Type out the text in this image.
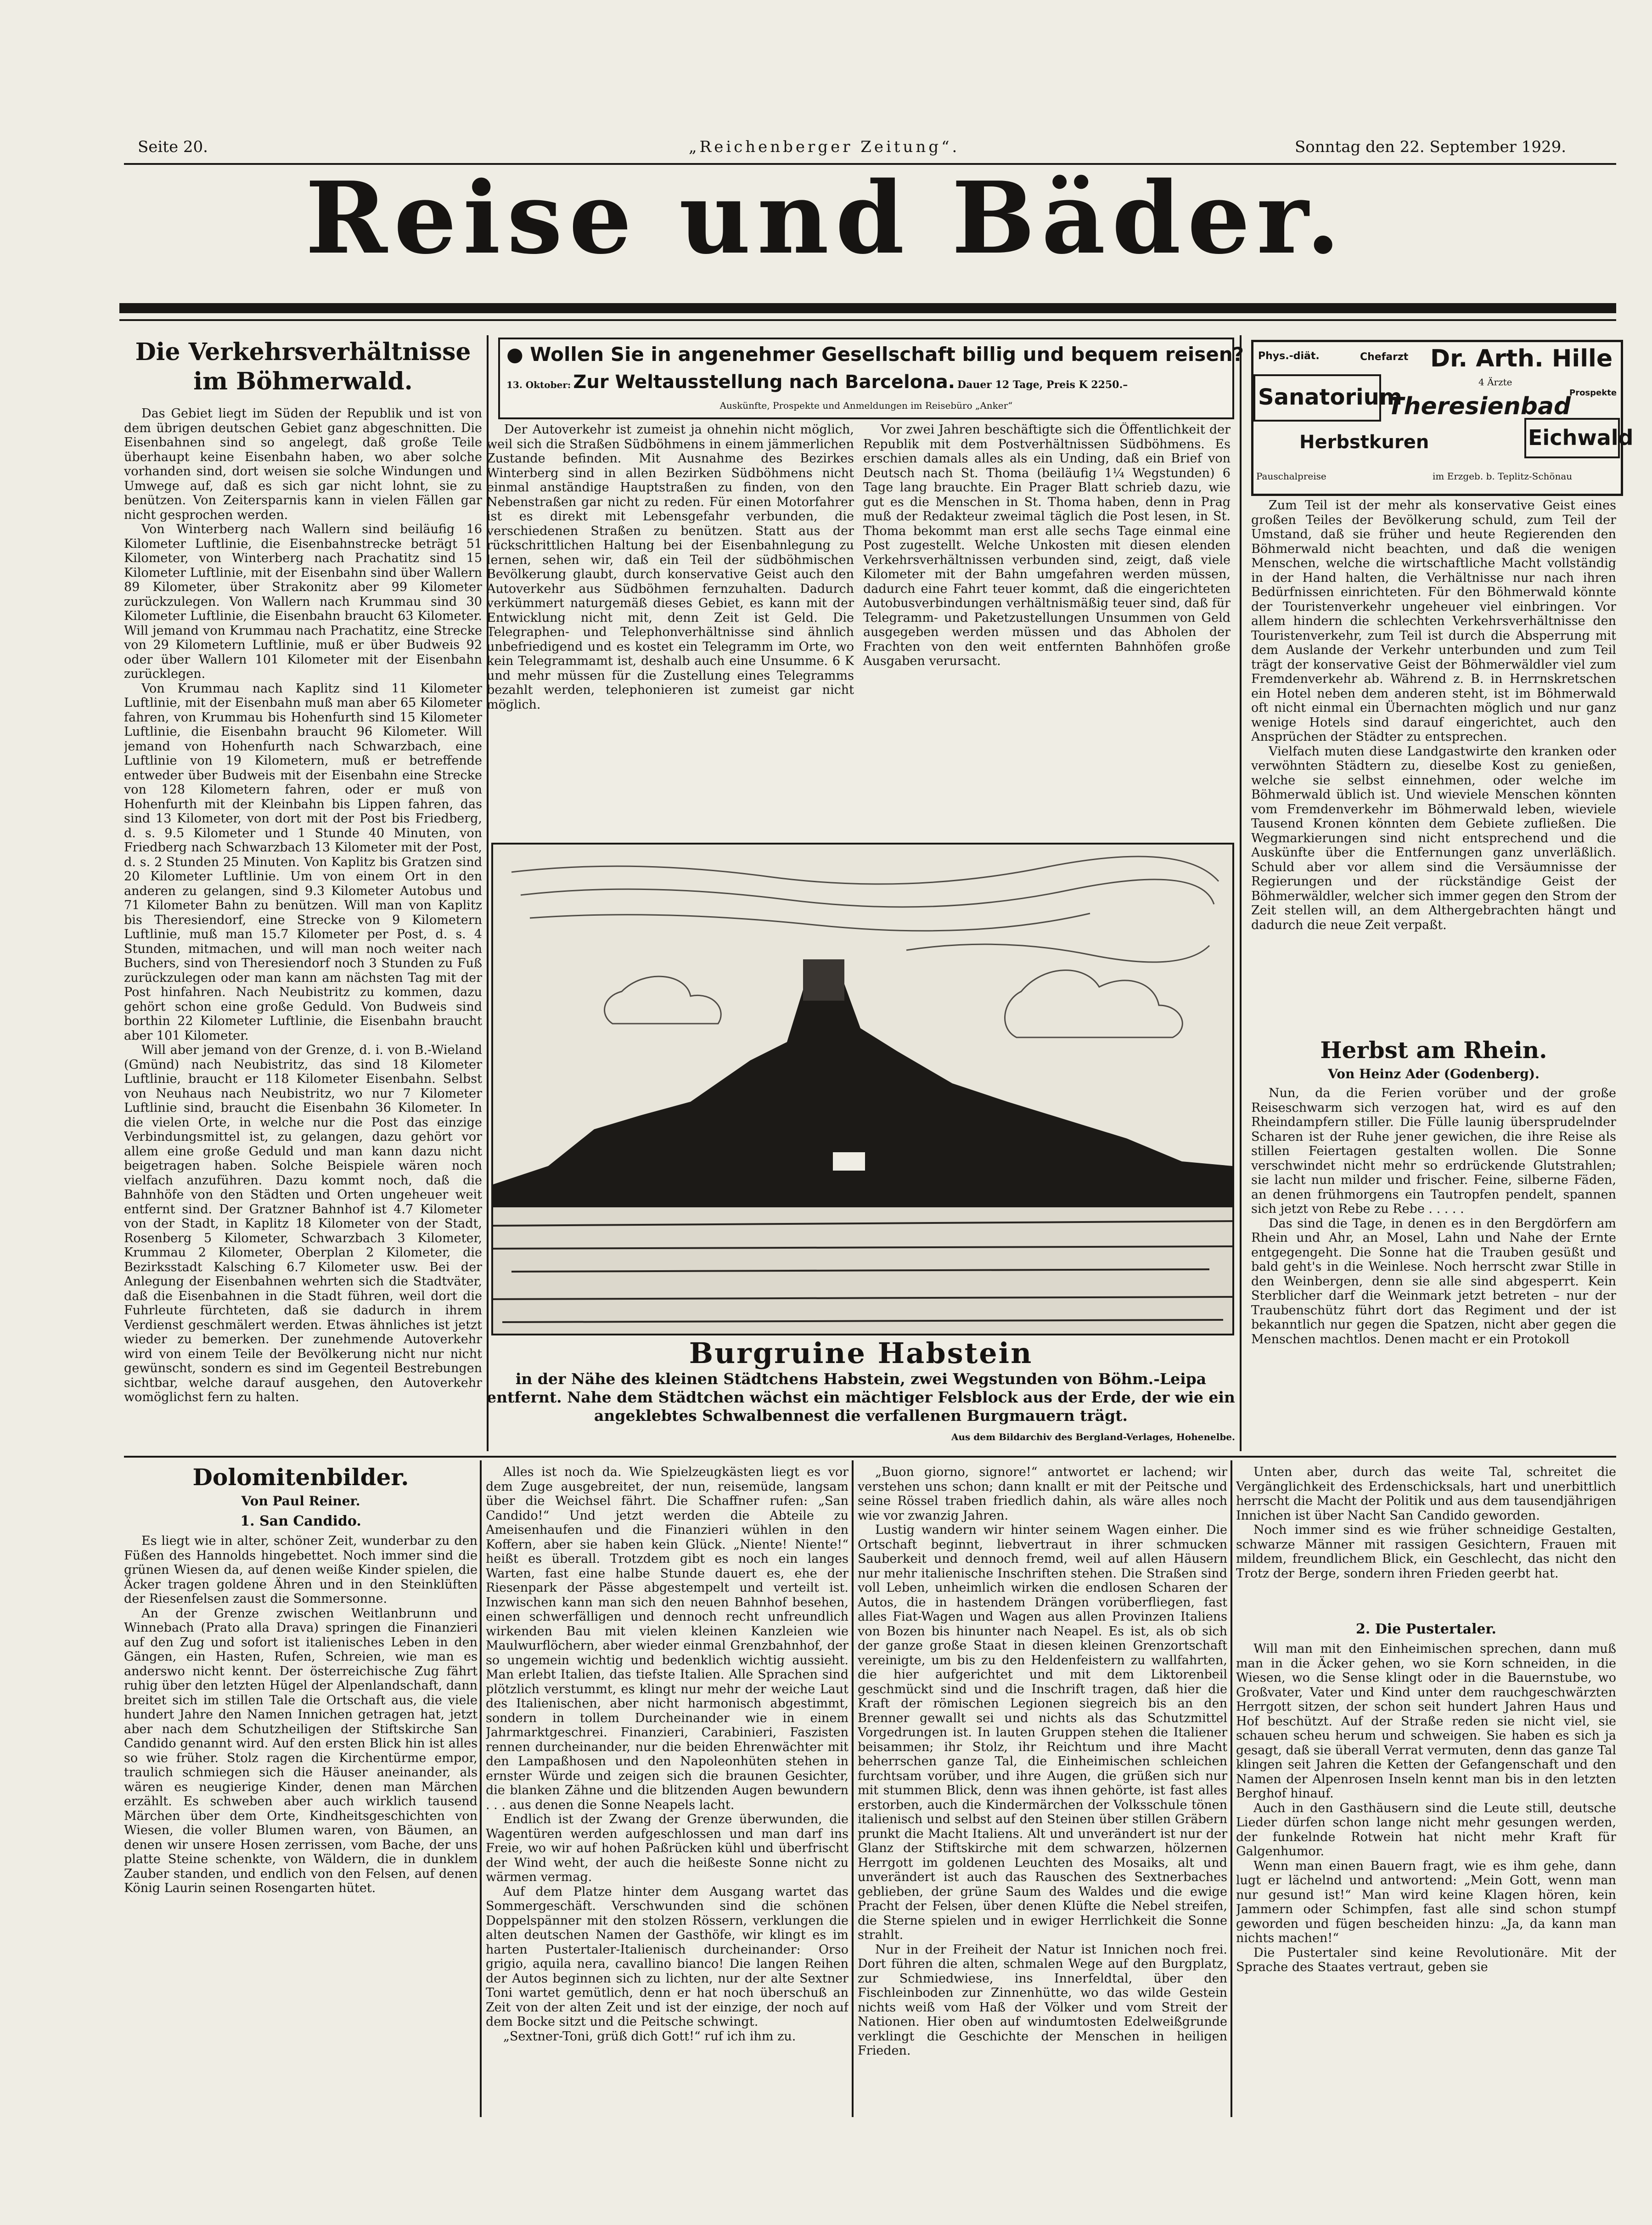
Seite 20.	„Reichenberger Zeitung“.	Sonntag den 22. September 1929.
Reise und Bäder.
● Wollen Sie in angenehmer Gesellschaft billig und bequem reisen?
13. Oktober: Zur Weltausstellung nach Barcelona. Dauer 12 Tage, Preis K 2250.–
Auskünfte, Prospekte und Anmeldungen im Reisebüro „Anker“
Phys.-diät.	Chefarzt Dr. Arth. Hille
4 Ärzte
Sanatorium
Theresienbad
Prospekte
Eichwald
Herbstkuren
Pauschalpreise	im Erzgeb. b. Teplitz-Schönau
Die Verkehrsverhältnisse im Böhmerwald.

Das Gebiet liegt im Süden der Republik und ist von dem übrigen deutschen Gebiet ganz abgeschnitten. Die Eisenbahnen sind so angelegt, daß große Teile überhaupt keine Eisenbahn haben, wo aber solche vorhanden sind, dort weisen sie solche Windungen und Umwege auf, daß es sich gar nicht lohnt, sie zu benützen. Von Zeitersparnis kann in vielen Fällen gar nicht gesprochen werden.

Von Winterberg nach Wallern sind beiläufig 16 Kilometer Luftlinie, die Eisenbahnstrecke beträgt 51 Kilometer, von Winterberg nach Prachatitz sind 15 Kilometer Luftlinie, mit der Eisenbahn sind über Wallern 89 Kilometer, über Strakonitz aber 99 Kilometer zurückzulegen. Von Wallern nach Krummau sind 30 Kilometer Luftlinie, die Eisenbahn braucht 63 Kilometer. Will jemand von Krummau nach Prachatitz, eine Strecke von 29 Kilometern Luftlinie, muß er über Budweis 92 oder über Wallern 101 Kilometer mit der Eisenbahn zurücklegen.

Von Krummau nach Kaplitz sind 11 Kilometer Luftlinie, mit der Eisenbahn muß man aber 65 Kilometer fahren, von Krummau bis Hohenfurth sind 15 Kilometer Luftlinie, die Eisenbahn braucht 96 Kilometer. Will jemand von Hohenfurth nach Schwarzbach, eine Luftlinie von 19 Kilometern, muß er betreffende entweder über Budweis mit der Eisenbahn eine Strecke von 128 Kilometern fahren, oder er muß von Hohenfurth mit der Kleinbahn bis Lippen fahren, das sind 13 Kilometer, von dort mit der Post bis Friedberg, d. s. 9.5 Kilometer und 1 Stunde 40 Minuten, von Friedberg nach Schwarzbach 13 Kilometer mit der Post, d. s. 2 Stunden 25 Minuten. Von Kaplitz bis Gratzen sind 20 Kilometer Luftlinie. Um von einem Ort in den anderen zu gelangen, sind 9.3 Kilometer Autobus und 71 Kilometer Bahn zu benützen. Will man von Kaplitz bis Theresiendorf, eine Strecke von 9 Kilometern Luftlinie, muß man 15.7 Kilometer per Post, d. s. 4 Stunden, mitmachen, und will man noch weiter nach Buchers, sind von Theresiendorf noch 3 Stunden zu Fuß zurückzulegen oder man kann am nächsten Tag mit der Post hinfahren. Nach Neubistritz zu kommen, dazu gehört schon eine große Geduld. Von Budweis sind borthin 22 Kilometer Luftlinie, die Eisenbahn braucht aber 101 Kilometer.

Will aber jemand von der Grenze, d. i. von B.-Wieland (Gmünd) nach Neubistritz, das sind 18 Kilometer Luftlinie, braucht er 118 Kilometer Eisenbahn. Selbst von Neuhaus nach Neubistritz, wo nur 7 Kilometer Luftlinie sind, braucht die Eisenbahn 36 Kilometer. In die vielen Orte, in welche nur die Post das einzige Verbindungsmittel ist, zu gelangen, dazu gehört vor allem eine große Geduld und man kann dazu nicht beigetragen haben. Solche Beispiele wären noch vielfach anzuführen. Dazu kommt noch, daß die Bahnhöfe von den Städten und Orten ungeheuer weit entfernt sind. Der Gratzner Bahnhof ist 4.7 Kilometer von der Stadt, in Kaplitz 18 Kilometer von der Stadt, Rosenberg 5 Kilometer, Schwarzbach 3 Kilometer, Krummau 2 Kilometer, Oberplan 2 Kilometer, die Bezirksstadt Kalsching 6.7 Kilometer usw. Bei der Anlegung der Eisenbahnen wehrten sich die Stadtväter, daß die Eisenbahnen in die Stadt führen, weil dort die Fuhrleute fürchteten, daß sie dadurch in ihrem Verdienst geschmälert werden. Etwas ähnliches ist jetzt wieder zu bemerken. Der zunehmende Autoverkehr wird von einem Teile der Bevölkerung nicht nur nicht gewünscht, sondern es sind im Gegenteil Bestrebungen sichtbar, welche darauf ausgehen, den Autoverkehr womöglichst fern zu halten.

Der Autoverkehr ist zumeist ja ohnehin nicht möglich, weil sich die Straßen Südböhmens in einem jämmerlichen Zustande befinden. Mit Ausnahme des Bezirkes Winterberg sind in allen Bezirken Südböhmens nicht einmal anständige Hauptstraßen zu finden, von den Nebenstraßen gar nicht zu reden. Für einen Motorfahrer ist es direkt mit Lebensgefahr verbunden, die verschiedenen Straßen zu benützen. Statt aus der rückschrittlichen Haltung bei der Eisenbahnlegung zu lernen, sehen wir, daß ein Teil der südböhmischen Bevölkerung glaubt, durch konservative Geist auch den Autoverkehr aus Südböhmen fernzuhalten. Dadurch verkümmert naturgemäß dieses Gebiet, es kann mit der Entwicklung nicht mit, denn Zeit ist Geld. Die Telegraphen- und Telephonverhältnisse sind ähnlich unbefriedigend und es kostet ein Telegramm im Orte, wo kein Telegrammamt ist, deshalb auch eine Unsumme. 6 K und mehr müssen für die Zustellung eines Telegramms bezahlt werden, telephonieren ist zumeist gar nicht möglich.

Vor zwei Jahren beschäftigte sich die Öffentlichkeit der Republik mit dem Postverhältnissen Südböhmens. Es erschien damals alles als ein Unding, daß ein Brief von Deutsch nach St. Thoma (beiläufig 1¼ Wegstunden) 6 Tage lang brauchte. Ein Prager Blatt schrieb dazu, wie gut es die Menschen in St. Thoma haben, denn in Prag muß der Redakteur zweimal täglich die Post lesen, in St. Thoma bekommt man erst alle sechs Tage einmal eine Post zugestellt. Welche Unkosten mit diesen elenden Verkehrsverhältnissen verbunden sind, zeigt, daß viele Kilometer mit der Bahn umgefahren werden müssen, dadurch eine Fahrt teuer kommt, daß die eingerichteten Autobusverbindungen verhältnismäßig teuer sind, daß für Telegramm- und Paketzustellungen Unsummen von Geld ausgegeben werden müssen und das Abholen der Frachten von den weit entfernten Bahnhöfen große Ausgaben verursacht.

Zum Teil ist der mehr als konservative Geist eines großen Teiles der Bevölkerung schuld, zum Teil der Umstand, daß sie früher und heute Regierenden den Böhmerwald nicht beachten, und daß die wenigen Menschen, welche die wirtschaftliche Macht vollständig in der Hand halten, die Verhältnisse nur nach ihren Bedürfnissen einrichteten. Für den Böhmerwald könnte der Touristenverkehr ungeheuer viel einbringen. Vor allem hindern die schlechten Verkehrsverhältnisse den Touristenverkehr, zum Teil ist durch die Absperrung mit dem Auslande der Verkehr unterbunden und zum Teil trägt der konservative Geist der Böhmerwäldler viel zum Fremdenverkehr ab. Während z. B. in Herrnskretschen ein Hotel neben dem anderen steht, ist im Böhmerwald oft nicht einmal ein Übernachten möglich und nur ganz wenige Hotels sind darauf eingerichtet, auch den Ansprüchen der Städter zu entsprechen.

Vielfach muten diese Landgastwirte den kranken oder verwöhnten Städtern zu, dieselbe Kost zu genießen, welche sie selbst einnehmen, oder welche im Böhmerwald üblich ist. Und wieviele Menschen könnten vom Fremdenverkehr im Böhmerwald leben, wieviele Tausend Kronen könnten dem Gebiete zufließen. Die Wegmarkierungen sind nicht entsprechend und die Auskünfte über die Entfernungen ganz unverläßlich. Schuld aber vor allem sind die Versäumnisse der Regierungen und der rückständige Geist der Böhmerwäldler, welcher sich immer gegen den Strom der Zeit stellen will, an dem Althergebrachten hängt und dadurch die neue Zeit verpaßt.

Burgruine Habstein
in der Nähe des kleinen Städtchens Habstein, zwei Wegstunden von Böhm.-Leipa entfernt. Nahe dem Städtchen wächst ein mächtiger Felsblock aus der Erde, der wie ein angeklebtes Schwalbennest die verfallenen Burgmauern trägt.
Aus dem Bildarchiv des Bergland-Verlages, Hohenelbe.
Herbst am Rhein.
Von Heinz Ader (Godenberg).

Nun, da die Ferien vorüber und der große Reiseschwarm sich verzogen hat, wird es auf den Rheindampfern stiller. Die Fülle launig übersprudelnder Scharen ist der Ruhe jener gewichen, die ihre Reise als stillen Feiertagen gestalten wollen. Die Sonne verschwindet nicht mehr so erdrückende Glutstrahlen; sie lacht nun milder und frischer. Feine, silberne Fäden, an denen frühmorgens ein Tautropfen pendelt, spannen sich jetzt von Rebe zu Rebe . . . . .

Das sind die Tage, in denen es in den Bergdörfern am Rhein und Ahr, an Mosel, Lahn und Nahe der Ernte entgegengeht. Die Sonne hat die Trauben gesüßt und bald geht's in die Weinlese. Noch herrscht zwar Stille in den Weinbergen, denn sie alle sind abgesperrt. Kein Sterblicher darf die Weinmark jetzt betreten – nur der Traubenschütz führt dort das Regiment und der ist bekanntlich nur gegen die Spatzen, nicht aber gegen die Menschen machtlos. Denen macht er ein Protokoll

Dolomitenbilder.
Von Paul Reiner.
1. San Candido.

Es liegt wie in alter, schöner Zeit, wunderbar zu den Füßen des Hannolds hingebettet. Noch immer sind die grünen Wiesen da, auf denen weiße Kinder spielen, die Äcker tragen goldene Ähren und in den Steinklüften der Riesenfelsen zaust die Sommersonne.

An der Grenze zwischen Weitlanbrunn und Winnebach (Prato alla Drava) springen die Finanzieri auf den Zug und sofort ist italienisches Leben in den Gängen, ein Hasten, Rufen, Schreien, wie man es anderswo nicht kennt. Der österreichische Zug fährt ruhig über den letzten Hügel der Alpenlandschaft, dann breitet sich im stillen Tale die Ortschaft aus, die viele hundert Jahre den Namen Innichen getragen hat, jetzt aber nach dem Schutzheiligen der Stiftskirche San Candido genannt wird. Auf den ersten Blick hin ist alles so wie früher. Stolz ragen die Kirchentürme empor, traulich schmiegen sich die Häuser aneinander, als wären es neugierige Kinder, denen man Märchen erzählt. Es schweben aber auch wirklich tausend Märchen über dem Orte, Kindheitsgeschichten von Wiesen, die voller Blumen waren, von Bäumen, an denen wir unsere Hosen zerrissen, vom Bache, der uns platte Steine schenkte, von Wäldern, die in dunklem Zauber standen, und endlich von den Felsen, auf denen König Laurin seinen Rosengarten hütet.

Alles ist noch da. Wie Spielzeugkästen liegt es vor dem Zuge ausgebreitet, der nun, reisemüde, langsam über die Weichsel fährt. Die Schaffner rufen: „San Candido!“ Und jetzt werden die Abteile zu Ameisenhaufen und die Finanzieri wühlen in den Koffern, aber sie haben kein Glück. „Niente! Niente!“ heißt es überall. Trotzdem gibt es noch ein langes Warten, fast eine halbe Stunde dauert es, ehe der Riesenpark der Pässe abgestempelt und verteilt ist. Inzwischen kann man sich den neuen Bahnhof besehen, einen schwerfälligen und dennoch recht unfreundlich wirkenden Bau mit vielen kleinen Kanzleien wie Maulwurflöchern, aber wieder einmal Grenzbahnhof, der so ungemein wichtig und bedenklich wichtig aussieht. Man erlebt Italien, das tiefste Italien. Alle Sprachen sind plötzlich verstummt, es klingt nur mehr der weiche Laut des Italienischen, aber nicht harmonisch abgestimmt, sondern in tollem Durcheinander wie in einem Jahrmarktgeschrei. Finanzieri, Carabinieri, Faszisten rennen durcheinander, nur die beiden Ehrenwächter mit den Lampaßhosen und den Napoleonhüten stehen in ernster Würde und zeigen sich die braunen Gesichter, die blanken Zähne und die blitzenden Augen bewundern . . . aus denen die Sonne Neapels lacht.

Endlich ist der Zwang der Grenze überwunden, die Wagentüren werden aufgeschlossen und man darf ins Freie, wo wir auf hohen Paßrücken kühl und überfrischt der Wind weht, der auch die heißeste Sonne nicht zu wärmen vermag.

Auf dem Platze hinter dem Ausgang wartet das Sommergeschäft. Verschwunden sind die schönen Doppelspänner mit den stolzen Rössern, verklungen die alten deutschen Namen der Gasthöfe, wir klingt es im harten Pustertaler-Italienisch durcheinander: Orso grigio, aquila nera, cavallino bianco! Die langen Reihen der Autos beginnen sich zu lichten, nur der alte Sextner Toni wartet gemütlich, denn er hat noch überschuß an Zeit von der alten Zeit und ist der einzige, der noch auf dem Bocke sitzt und die Peitsche schwingt.

„Sextner-Toni, grüß dich Gott!“ ruf ich ihm zu.

„Buon giorno, signore!“ antwortet er lachend; wir verstehen uns schon; dann knallt er mit der Peitsche und seine Rössel traben friedlich dahin, als wäre alles noch wie vor zwanzig Jahren.

Lustig wandern wir hinter seinem Wagen einher. Die Ortschaft beginnt, liebvertraut in ihrer schmucken Sauberkeit und dennoch fremd, weil auf allen Häusern nur mehr italienische Inschriften stehen. Die Straßen sind voll Leben, unheimlich wirken die endlosen Scharen der Autos, die in hastendem Drängen vorüberfliegen, fast alles Fiat-Wagen und Wagen aus allen Provinzen Italiens von Bozen bis hinunter nach Neapel. Es ist, als ob sich der ganze große Staat in diesen kleinen Grenzortschaft vereinigte, um bis zu den Heldenfeistern zu wallfahrten, die hier aufgerichtet und mit dem Liktorenbeil geschmückt sind und die Inschrift tragen, daß hier die Kraft der römischen Legionen siegreich bis an den Brenner gewallt sei und nichts als das Schutzmittel Vorgedrungen ist. In lauten Gruppen stehen die Italiener beisammen; ihr Stolz, ihr Reichtum und ihre Macht beherrschen ganze Tal, die Einheimischen schleichen furchtsam vorüber, und ihre Augen, die grüßen sich nur mit stummen Blick, denn was ihnen gehörte, ist fast alles erstorben, auch die Kindermärchen der Volksschule tönen italienisch und selbst auf den Steinen über stillen Gräbern prunkt die Macht Italiens. Alt und unverändert ist nur der Glanz der Stiftskirche mit dem schwarzen, hölzernen Herrgott im goldenen Leuchten des Mosaiks, alt und unverändert ist auch das Rauschen des Sextnerbaches geblieben, der grüne Saum des Waldes und die ewige Pracht der Felsen, über denen Klüfte die Nebel streifen, die Sterne spielen und in ewiger Herrlichkeit die Sonne strahlt.

Nur in der Freiheit der Natur ist Innichen noch frei. Dort führen die alten, schmalen Wege auf den Burgplatz, zur Schmiedwiese, ins Innerfeldtal, über den Fischleinboden zur Zinnenhütte, wo das wilde Gestein nichts weiß vom Haß der Völker und vom Streit der Nationen. Hier oben auf windumtosten Edelweißgrunde verklingt die Geschichte der Menschen in heiligen Frieden.

Unten aber, durch das weite Tal, schreitet die Vergänglichkeit des Erdenschicksals, hart und unerbittlich herrscht die Macht der Politik und aus dem tausendjährigen Innichen ist über Nacht San Candido geworden.

Noch immer sind es wie früher schneidige Gestalten, schwarze Männer mit rassigen Gesichtern, Frauen mit mildem, freundlichem Blick, ein Geschlecht, das nicht den Trotz der Berge, sondern ihren Frieden geerbt hat.

2. Die Pustertaler.

Will man mit den Einheimischen sprechen, dann muß man in die Äcker gehen, wo sie Korn schneiden, in die Wiesen, wo die Sense klingt oder in die Bauernstube, wo Großvater, Vater und Kind unter dem rauchgeschwärzten Herrgott sitzen, der schon seit hundert Jahren Haus und Hof beschützt. Auf der Straße reden sie nicht viel, sie schauen scheu herum und schweigen. Sie haben es sich ja gesagt, daß sie überall Verrat vermuten, denn das ganze Tal klingen seit Jahren die Ketten der Gefangenschaft und den Namen der Alpenrosen Inseln kennt man bis in den letzten Berghof hinauf.

Auch in den Gasthäusern sind die Leute still, deutsche Lieder dürfen schon lange nicht mehr gesungen werden, der funkelnde Rotwein hat nicht mehr Kraft für Galgenhumor.

Wenn man einen Bauern fragt, wie es ihm gehe, dann lugt er lächelnd und antwortend: „Mein Gott, wenn man nur gesund ist!“ Man wird keine Klagen hören, kein Jammern oder Schimpfen, fast alle sind schon stumpf geworden und fügen bescheiden hinzu: „Ja, da kann man nichts machen!“

Die Pustertaler sind keine Revolutionäre. Mit der Sprache des Staates vertraut, geben sie
